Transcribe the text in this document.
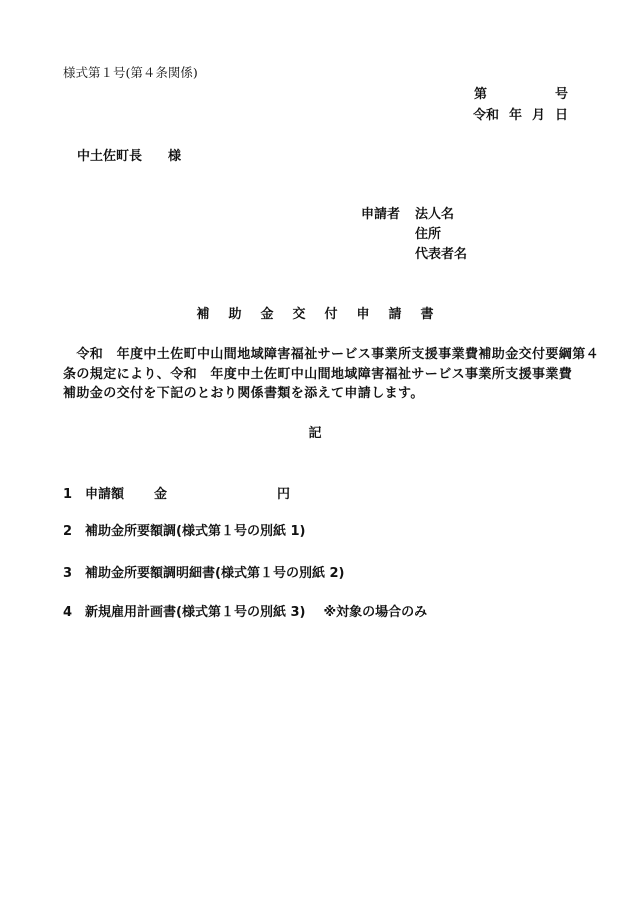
様式第１号(第４条関係)
第	号
令和 年 月 日
中土佐町長 様
申請者	法人名
住所
代表者名
補助金交付申請書
　令和　年度中土佐町中山間地域障害福祉サービス事業所支援事業費補助金交付要綱第４
条の規定により、令和　年度中土佐町中山間地域障害福祉サービス事業所支援事業費
補助金の交付を下記のとおり関係書類を添えて申請します。
記
1 申請額 金	円
2 補助金所要額調(様式第１号の別紙 1)
3 補助金所要額調明細書(様式第１号の別紙 2)
4 新規雇用計画書(様式第１号の別紙 3) ※対象の場合のみ
